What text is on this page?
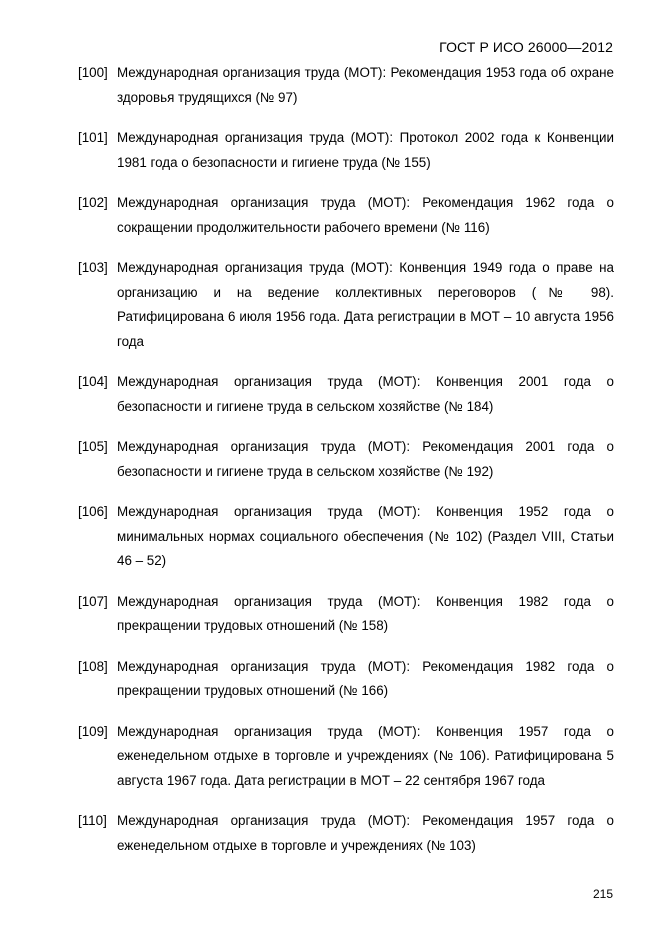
ГОСТ Р ИСО 26000—2012
[100] Международная организация труда (МОТ): Рекомендация 1953 года об охране здоровья трудящихся (№ 97)
[101] Международная организация труда (МОТ): Протокол 2002 года к Конвенции 1981 года о безопасности и гигиене труда (№ 155)
[102] Международная организация труда (МОТ): Рекомендация 1962 года о сокращении продолжительности рабочего времени (№ 116)
[103] Международная организация труда (МОТ): Конвенция 1949 года о праве на организацию и на ведение коллективных переговоров (№ 98). Ратифицирована 6 июля 1956 года. Дата регистрации в МОТ – 10 августа 1956 года
[104] Международная организация труда (МОТ): Конвенция 2001 года о безопасности и гигиене труда в сельском хозяйстве (№ 184)
[105] Международная организация труда (МОТ): Рекомендация 2001 года о безопасности и гигиене труда в сельском хозяйстве (№ 192)
[106] Международная организация труда (МОТ): Конвенция 1952 года о минимальных нормах социального обеспечения (№ 102) (Раздел VIII, Статьи 46 – 52)
[107] Международная организация труда (МОТ): Конвенция 1982 года о прекращении трудовых отношений (№ 158)
[108] Международная организация труда (МОТ): Рекомендация 1982 года о прекращении трудовых отношений (№ 166)
[109] Международная организация труда (МОТ): Конвенция 1957 года о еженедельном отдыхе в торговле и учреждениях (№ 106). Ратифицирована 5 августа 1967 года. Дата регистрации в МОТ – 22 сентября 1967 года
[110] Международная организация труда (МОТ): Рекомендация 1957 года о еженедельном отдыхе в торговле и учреждениях (№ 103)
215
